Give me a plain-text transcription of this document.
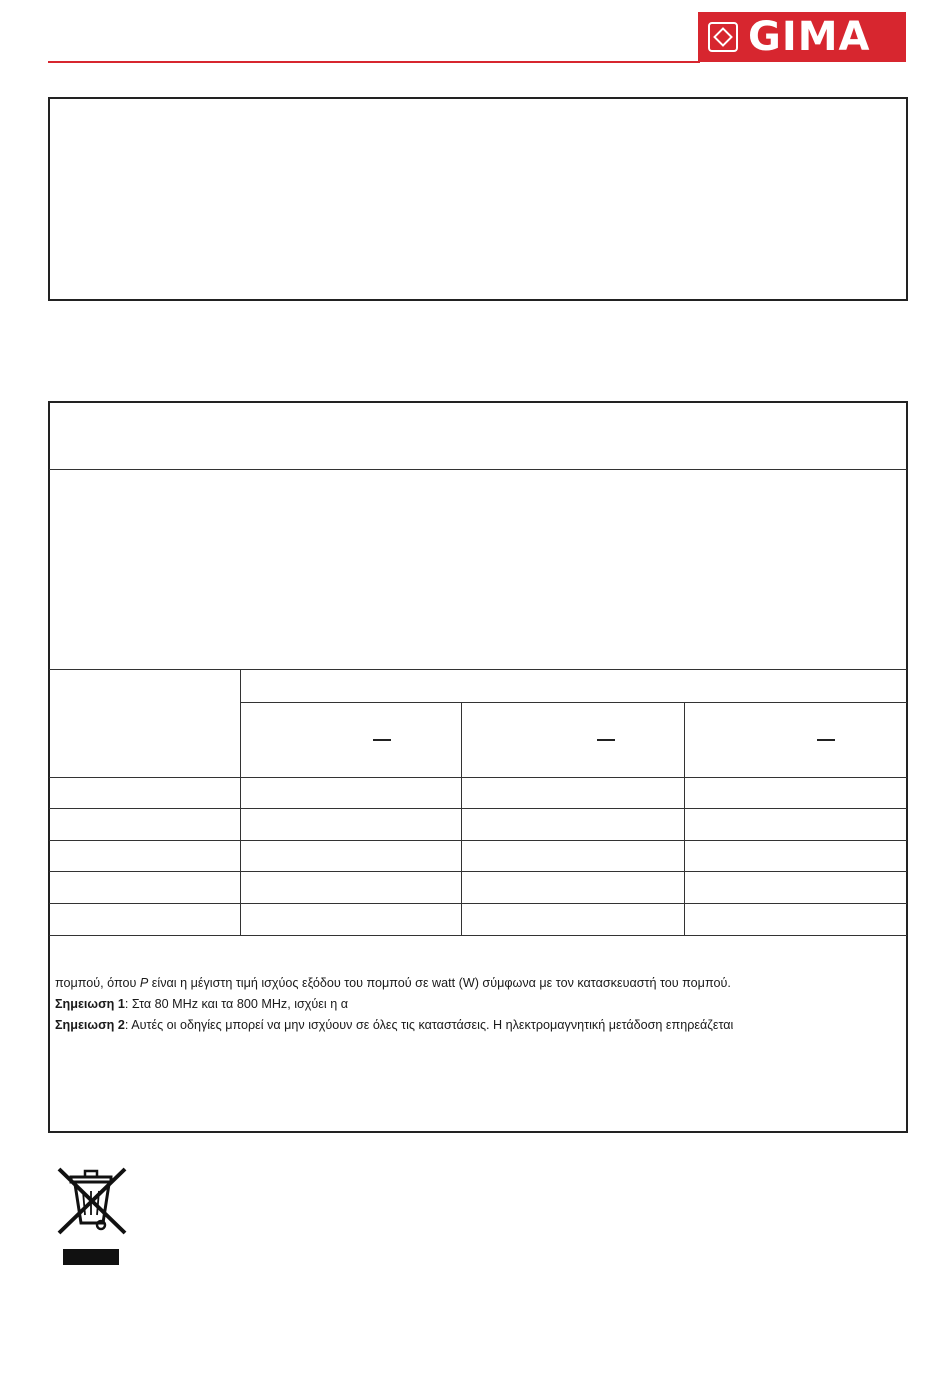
GIMA

πομπού, όπου P είναι η μέγιστη τιμή ισχύος εξόδου του πομπού σε watt (W) σύμφωνα με τον κατασκευαστή του πομπού.

Σημειωση 1: Στα 80 MHz και τα 800 MHz, ισχύει η α

Σημειωση 2: Αυτές οι οδηγίες μπορεί να μην ισχύουν σε όλες τις καταστάσεις. Η ηλεκτρομαγνητική μετάδοση επηρεάζεται
